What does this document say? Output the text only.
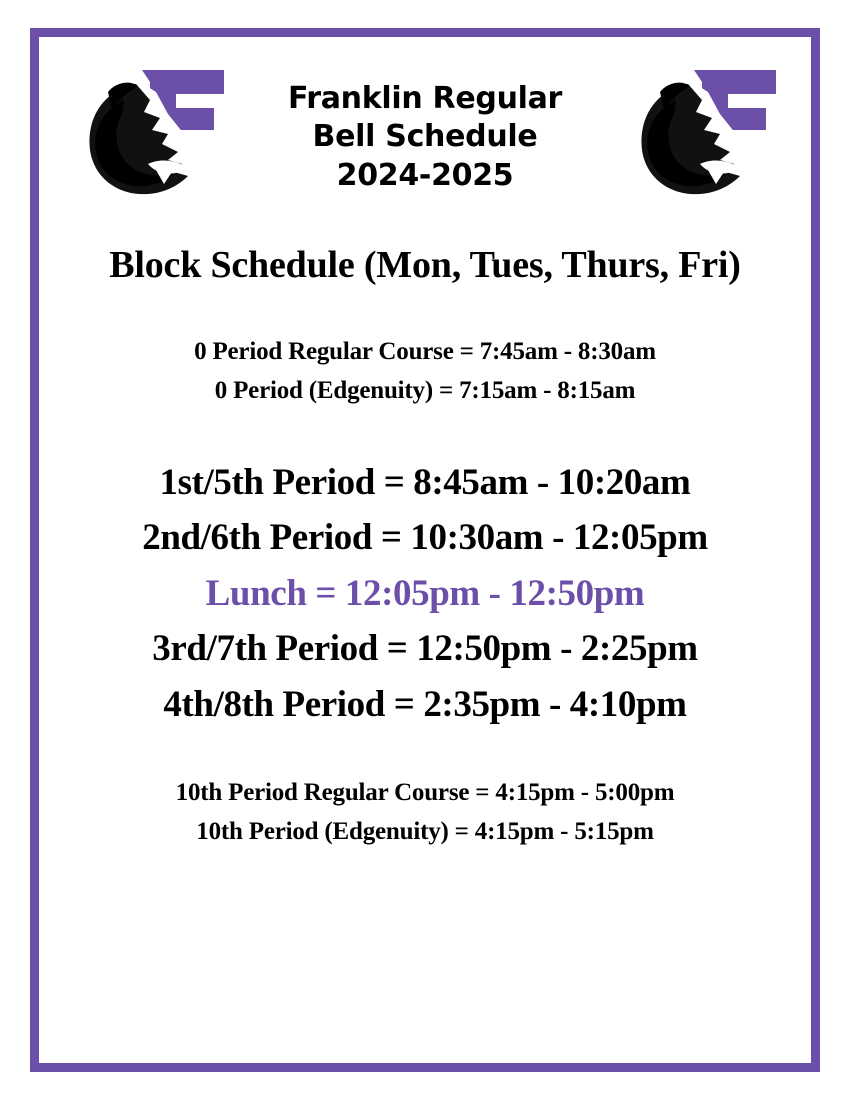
Franklin Regular
Bell Schedule
2024-2025
Block Schedule (Mon, Tues, Thurs, Fri)
0 Period Regular Course = 7:45am - 8:30am
0 Period (Edgenuity) = 7:15am - 8:15am
1st/5th Period = 8:45am - 10:20am
2nd/6th Period = 10:30am - 12:05pm
Lunch = 12:05pm - 12:50pm
3rd/7th Period = 12:50pm - 2:25pm
4th/8th Period = 2:35pm - 4:10pm
10th Period Regular Course = 4:15pm - 5:00pm
10th Period (Edgenuity) = 4:15pm - 5:15pm
